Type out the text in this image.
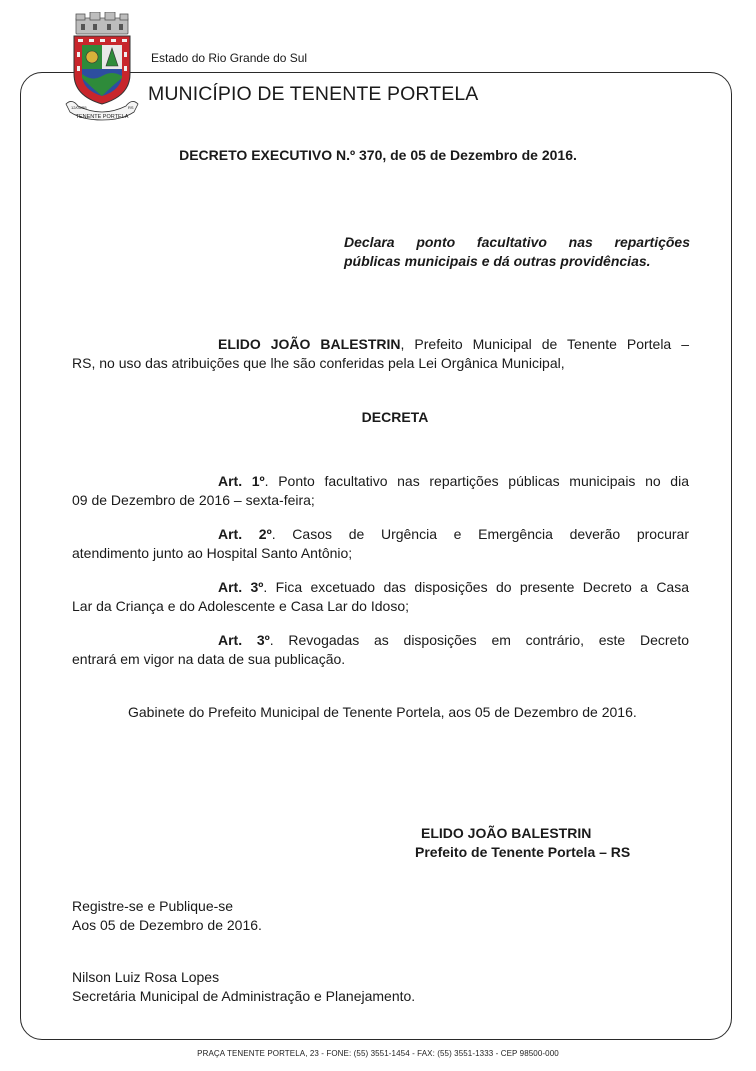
TENENTE PORTELA
12/05/55	RS
Estado do Rio Grande do Sul
MUNICÍPIO DE TENENTE PORTELA
DECRETO EXECUTIVO N.º 370, de 05 de Dezembro de 2016.
Declara ponto facultativo nas repartições
públicas municipais e dá outras providências.
ELIDO JOÃO BALESTRIN, Prefeito Municipal de Tenente Portela –
RS, no uso das atribuições que lhe são conferidas pela Lei Orgânica Municipal,
DECRETA
Art. 1º. Ponto facultativo nas repartições públicas municipais no dia
09 de Dezembro de 2016 – sexta-feira;
Art. 2º. Casos de Urgência e Emergência deverão procurar
atendimento junto ao Hospital Santo Antônio;
Art. 3º. Fica excetuado das disposições do presente Decreto a Casa
Lar da Criança e do Adolescente e Casa Lar do Idoso;
Art. 3º. Revogadas as disposições em contrário, este Decreto
entrará em vigor na data de sua publicação.
Gabinete do Prefeito Municipal de Tenente Portela, aos 05 de Dezembro de 2016.
ELIDO JOÃO BALESTRIN
Prefeito de Tenente Portela – RS
Registre-se e Publique-se
Aos 05 de Dezembro de 2016.
Nilson Luiz Rosa Lopes
Secretária Municipal de Administração e Planejamento.
PRAÇA TENENTE PORTELA, 23 - FONE: (55) 3551-1454 - FAX: (55) 3551-1333 - CEP 98500-000
